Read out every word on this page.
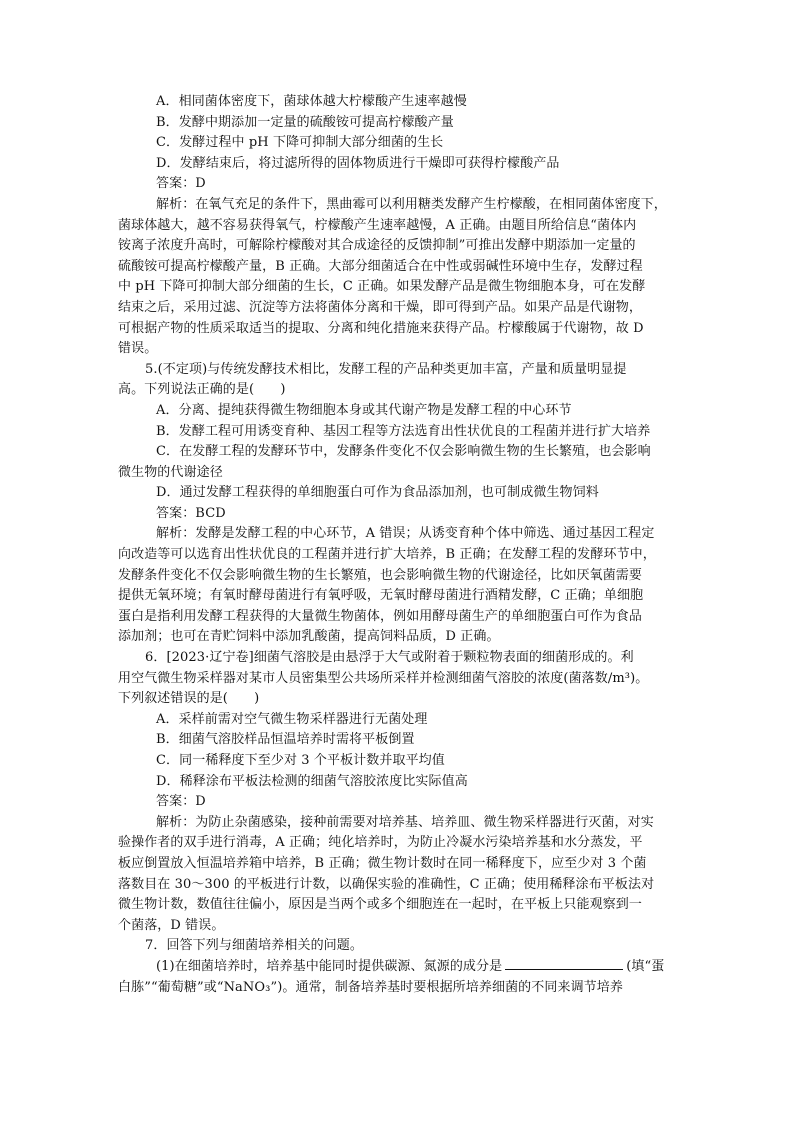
A．相同菌体密度下，菌球体越大柠檬酸产生速率越慢
B．发酵中期添加一定量的硫酸铵可提高柠檬酸产量
C．发酵过程中 pH 下降可抑制大部分细菌的生长
D．发酵结束后，将过滤所得的固体物质进行干燥即可获得柠檬酸产品
答案：D
解析：在氧气充足的条件下，黑曲霉可以利用糖类发酵产生柠檬酸，在相同菌体密度下，
菌球体越大，越不容易获得氧气，柠檬酸产生速率越慢，A 正确。由题目所给信息“菌体内
铵离子浓度升高时，可解除柠檬酸对其合成途径的反馈抑制”可推出发酵中期添加一定量的
硫酸铵可提高柠檬酸产量，B 正确。大部分细菌适合在中性或弱碱性环境中生存，发酵过程
中 pH 下降可抑制大部分细菌的生长，C 正确。如果发酵产品是微生物细胞本身，可在发酵
结束之后，采用过滤、沉淀等方法将菌体分离和干燥，即可得到产品。如果产品是代谢物，
可根据产物的性质采取适当的提取、分离和纯化措施来获得产品。柠檬酸属于代谢物，故 D
错误。
5.(不定项)与传统发酵技术相比，发酵工程的产品种类更加丰富，产量和质量明显提
高。下列说法正确的是(　　)
A．分离、提纯获得微生物细胞本身或其代谢产物是发酵工程的中心环节
B．发酵工程可用诱变育种、基因工程等方法选育出性状优良的工程菌并进行扩大培养
C．在发酵工程的发酵环节中，发酵条件变化不仅会影响微生物的生长繁殖，也会影响
微生物的代谢途径
D．通过发酵工程获得的单细胞蛋白可作为食品添加剂，也可制成微生物饲料
答案：BCD
解析：发酵是发酵工程的中心环节，A 错误；从诱变育种个体中筛选、通过基因工程定
向改造等可以选育出性状优良的工程菌并进行扩大培养，B 正确；在发酵工程的发酵环节中，
发酵条件变化不仅会影响微生物的生长繁殖，也会影响微生物的代谢途径，比如厌氧菌需要
提供无氧环境；有氧时酵母菌进行有氧呼吸，无氧时酵母菌进行酒精发酵，C 正确；单细胞
蛋白是指利用发酵工程获得的大量微生物菌体，例如用酵母菌生产的单细胞蛋白可作为食品
添加剂；也可在青贮饲料中添加乳酸菌，提高饲料品质，D 正确。
6．[2023·辽宁卷]细菌气溶胶是由悬浮于大气或附着于颗粒物表面的细菌形成的。利
用空气微生物采样器对某市人员密集型公共场所采样并检测细菌气溶胶的浓度(菌落数/m³)。
下列叙述错误的是(　　)
A．采样前需对空气微生物采样器进行无菌处理
B．细菌气溶胶样品恒温培养时需将平板倒置
C．同一稀释度下至少对 3 个平板计数并取平均值
D．稀释涂布平板法检测的细菌气溶胶浓度比实际值高
答案：D
解析：为防止杂菌感染，接种前需要对培养基、培养皿、微生物采样器进行灭菌，对实
验操作者的双手进行消毒，A 正确；纯化培养时，为防止冷凝水污染培养基和水分蒸发，平
板应倒置放入恒温培养箱中培养，B 正确；微生物计数时在同一稀释度下，应至少对 3 个菌
落数目在 30～300 的平板进行计数，以确保实验的准确性，C 正确；使用稀释涂布平板法对
微生物计数，数值往往偏小，原因是当两个或多个细胞连在一起时，在平板上只能观察到一
个菌落，D 错误。
7．回答下列与细菌培养相关的问题。
(1)在细菌培养时，培养基中能同时提供碳源、氮源的成分是	(填“蛋
白胨”“葡萄糖”或“NaNO₃”)。通常，制备培养基时要根据所培养细菌的不同来调节培养
